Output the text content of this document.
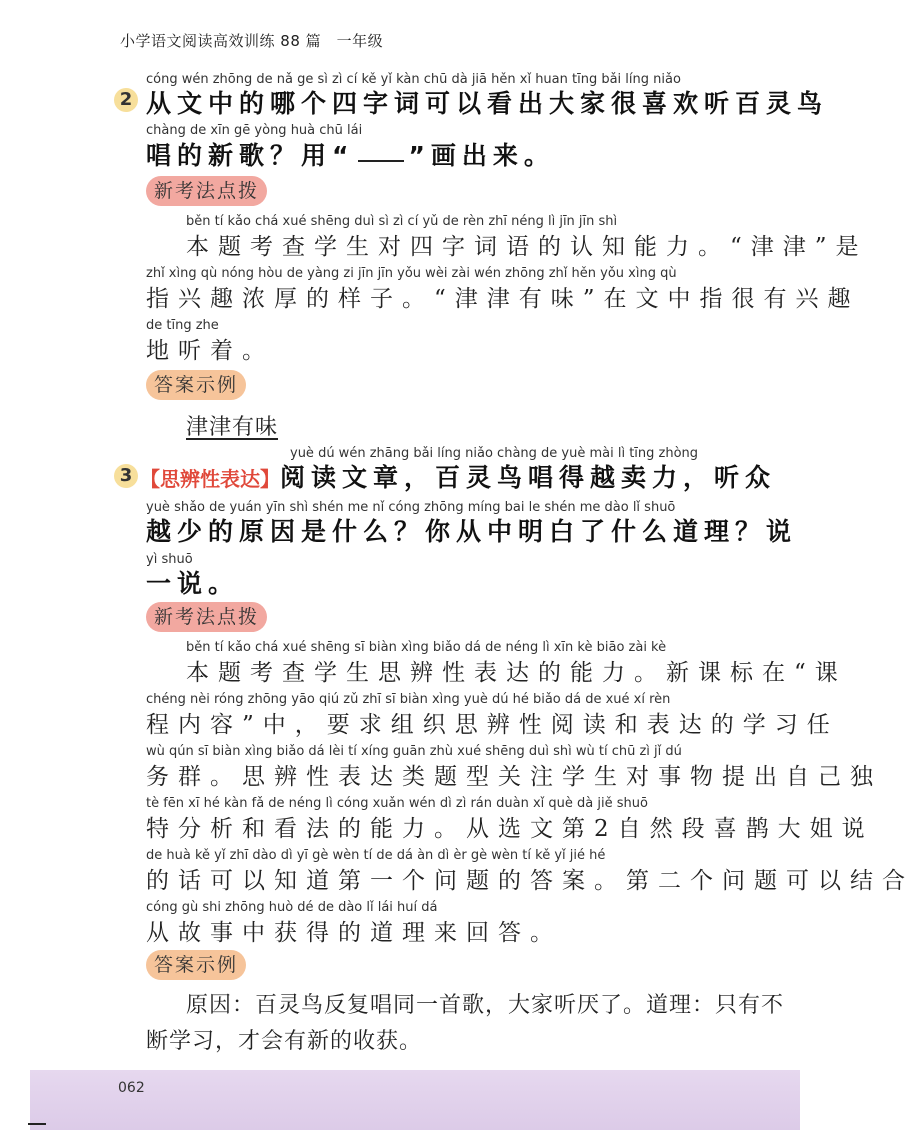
小学语文阅读高效训练 88 篇　一年级
cóng wén zhōng de nǎ ge sì zì cí kě yǐ kàn chū dà jiā hěn xǐ huan tīng bǎi líng niǎo
2 从文中的哪个四字词可以看出大家很喜欢听百灵鸟
chàng de xīn gē yòng huà chū lái
唱的新歌？用“ ”画出来。
新考法点拨
běn tí kǎo chá xué shēng duì sì zì cí yǔ de rèn zhī néng lì jīn jīn shì
本题考查学生对四字词语的认知能力。“津津”是
zhǐ xìng qù nóng hòu de yàng zi jīn jīn yǒu wèi zài wén zhōng zhǐ hěn yǒu xìng qù
指兴趣浓厚的样子。“津津有味”在文中指很有兴趣
de tīng zhe
地听着。
答案示例
津津有味
yuè dú wén zhāng bǎi líng niǎo chàng de yuè mài lì tīng zhòng
3 【思辨性表达】阅读文章，百灵鸟唱得越卖力，听众
yuè shǎo de yuán yīn shì shén me nǐ cóng zhōng míng bai le shén me dào lǐ shuō
越少的原因是什么？你从中明白了什么道理？说
yì shuō
一说。
新考法点拨
běn tí kǎo chá xué shēng sī biàn xìng biǎo dá de néng lì xīn kè biāo zài kè
本题考查学生思辨性表达的能力。新课标在“课
chéng nèi róng zhōng yāo qiú zǔ zhī sī biàn xìng yuè dú hé biǎo dá de xué xí rèn
程内容”中，要求组织思辨性阅读和表达的学习任
wù qún sī biàn xìng biǎo dá lèi tí xíng guān zhù xué shēng duì shì wù tí chū zì jǐ dú
务群。思辨性表达类题型关注学生对事物提出自己独
tè fēn xī hé kàn fǎ de néng lì cóng xuǎn wén dì zì rán duàn xǐ què dà jiě shuō
特分析和看法的能力。从选文第2自然段喜鹊大姐说
de huà kě yǐ zhī dào dì yī gè wèn tí de dá àn dì èr gè wèn tí kě yǐ jié hé
的话可以知道第一个问题的答案。第二个问题可以结合
cóng gù shi zhōng huò dé de dào lǐ lái huí dá
从故事中获得的道理来回答。
答案示例
原因：百灵鸟反复唱同一首歌，大家听厌了。道理：只有不
断学习，才会有新的收获。
062
